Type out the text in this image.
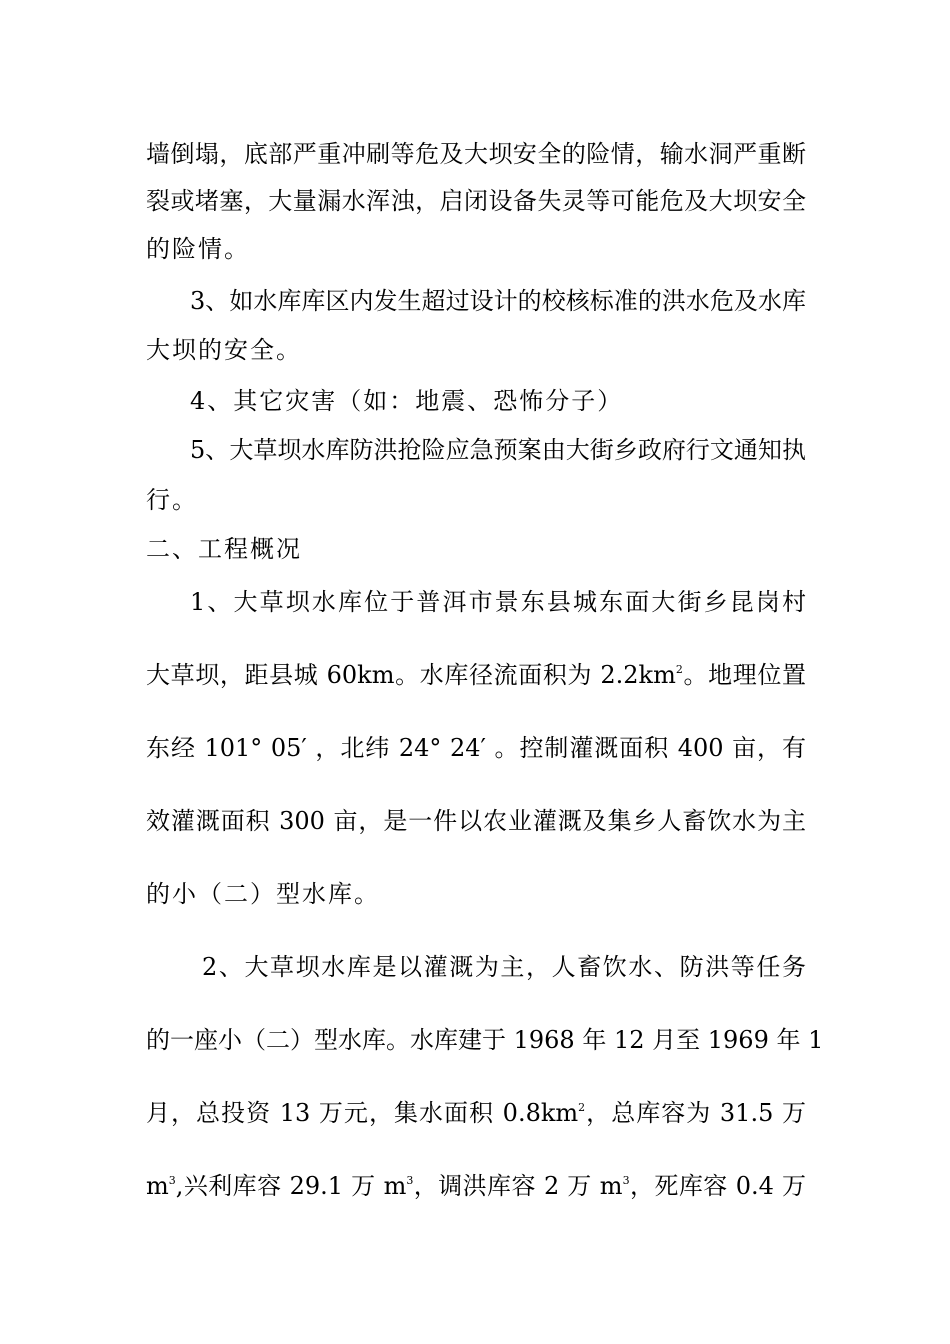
墙倒塌，底部严重冲刷等危及大坝安全的险情，输水洞严重断

裂或堵塞，大量漏水浑浊，启闭设备失灵等可能危及大坝安全

的险情。

3、如水库库区内发生超过设计的校核标准的洪水危及水库

大坝的安全。

4、其它灾害（如：地震、恐怖分子）

5、大草坝水库防洪抢险应急预案由大街乡政府行文通知执

行。

二、工程概况

1、大草坝水库位于普洱市景东县城东面大街乡昆岗村

大草坝，距县城 60km。水库径流面积为 $2.2km^2$。地理位置

东经 101° 05′ ，北纬 24° 24′ 。控制灌溉面积 400 亩，有

效灌溉面积 300 亩，是一件以农业灌溉及集乡人畜饮水为主

的小（二）型水库。

2、大草坝水库是以灌溉为主，人畜饮水、防洪等任务

的一座小（二）型水库。水库建于 1968 年 12 月至 1969 年 1

月，总投资 13 万元，集水面积 $0.8km^2$，总库容为 31.5 万

$m^3$,兴利库容 29.1 万 $m^3$，调洪库容 2 万 $m^3$，死库容 0.4 万
